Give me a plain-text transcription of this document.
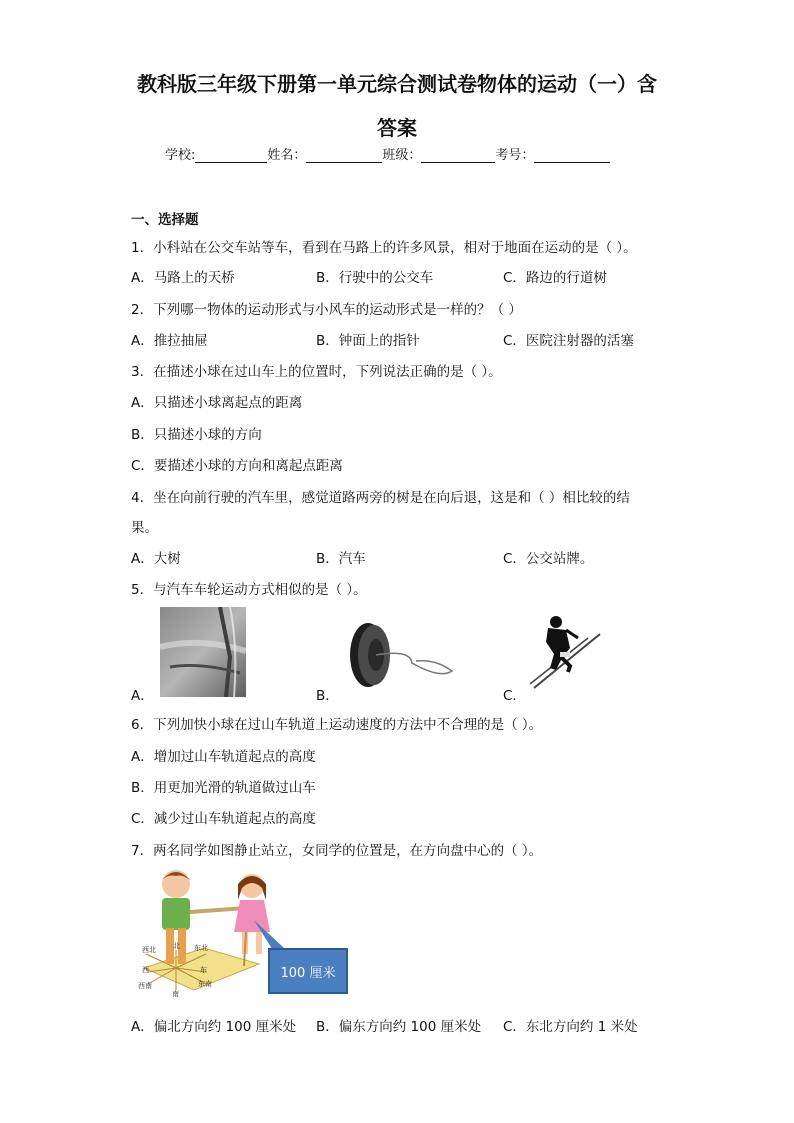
教科版三年级下册第一单元综合测试卷物体的运动（一）含
答案
学校:	姓名：	班级：	考号：
一、选择题
1．小科站在公交车站等车，看到在马路上的许多风景，相对于地面在运动的是（ ）。
A．马路上的天桥	B．行驶中的公交车	C．路边的行道树
2．下列哪一物体的运动形式与小风车的运动形式是一样的？（ ）
A．推拉抽屉	B．钟面上的指针	C．医院注射器的活塞
3．在描述小球在过山车上的位置时，下列说法正确的是（ ）。
A．只描述小球离起点的距离
B．只描述小球的方向
C．要描述小球的方向和离起点距离
4．坐在向前行驶的汽车里，感觉道路两旁的树是在向后退，这是和（ ）相比较的结
果。
A．大树	B．汽车	C．公交站牌。
5．与汽车车轮运动方式相似的是（ ）。
A．	B．	C．
6．下列加快小球在过山车轨道上运动速度的方法中不合理的是（ ）。
A．增加过山车轨道起点的高度
B．用更加光滑的轨道做过山车
C．减少过山车轨道起点的高度
7．两名同学如图静止站立，女同学的位置是，在方向盘中心的（ ）。
西北 北 东北
西	东
西南
南
东南
100 厘米
A．偏北方向约 100 厘米处 B．偏东方向约 100 厘米处 C．东北方向约 1 米处
